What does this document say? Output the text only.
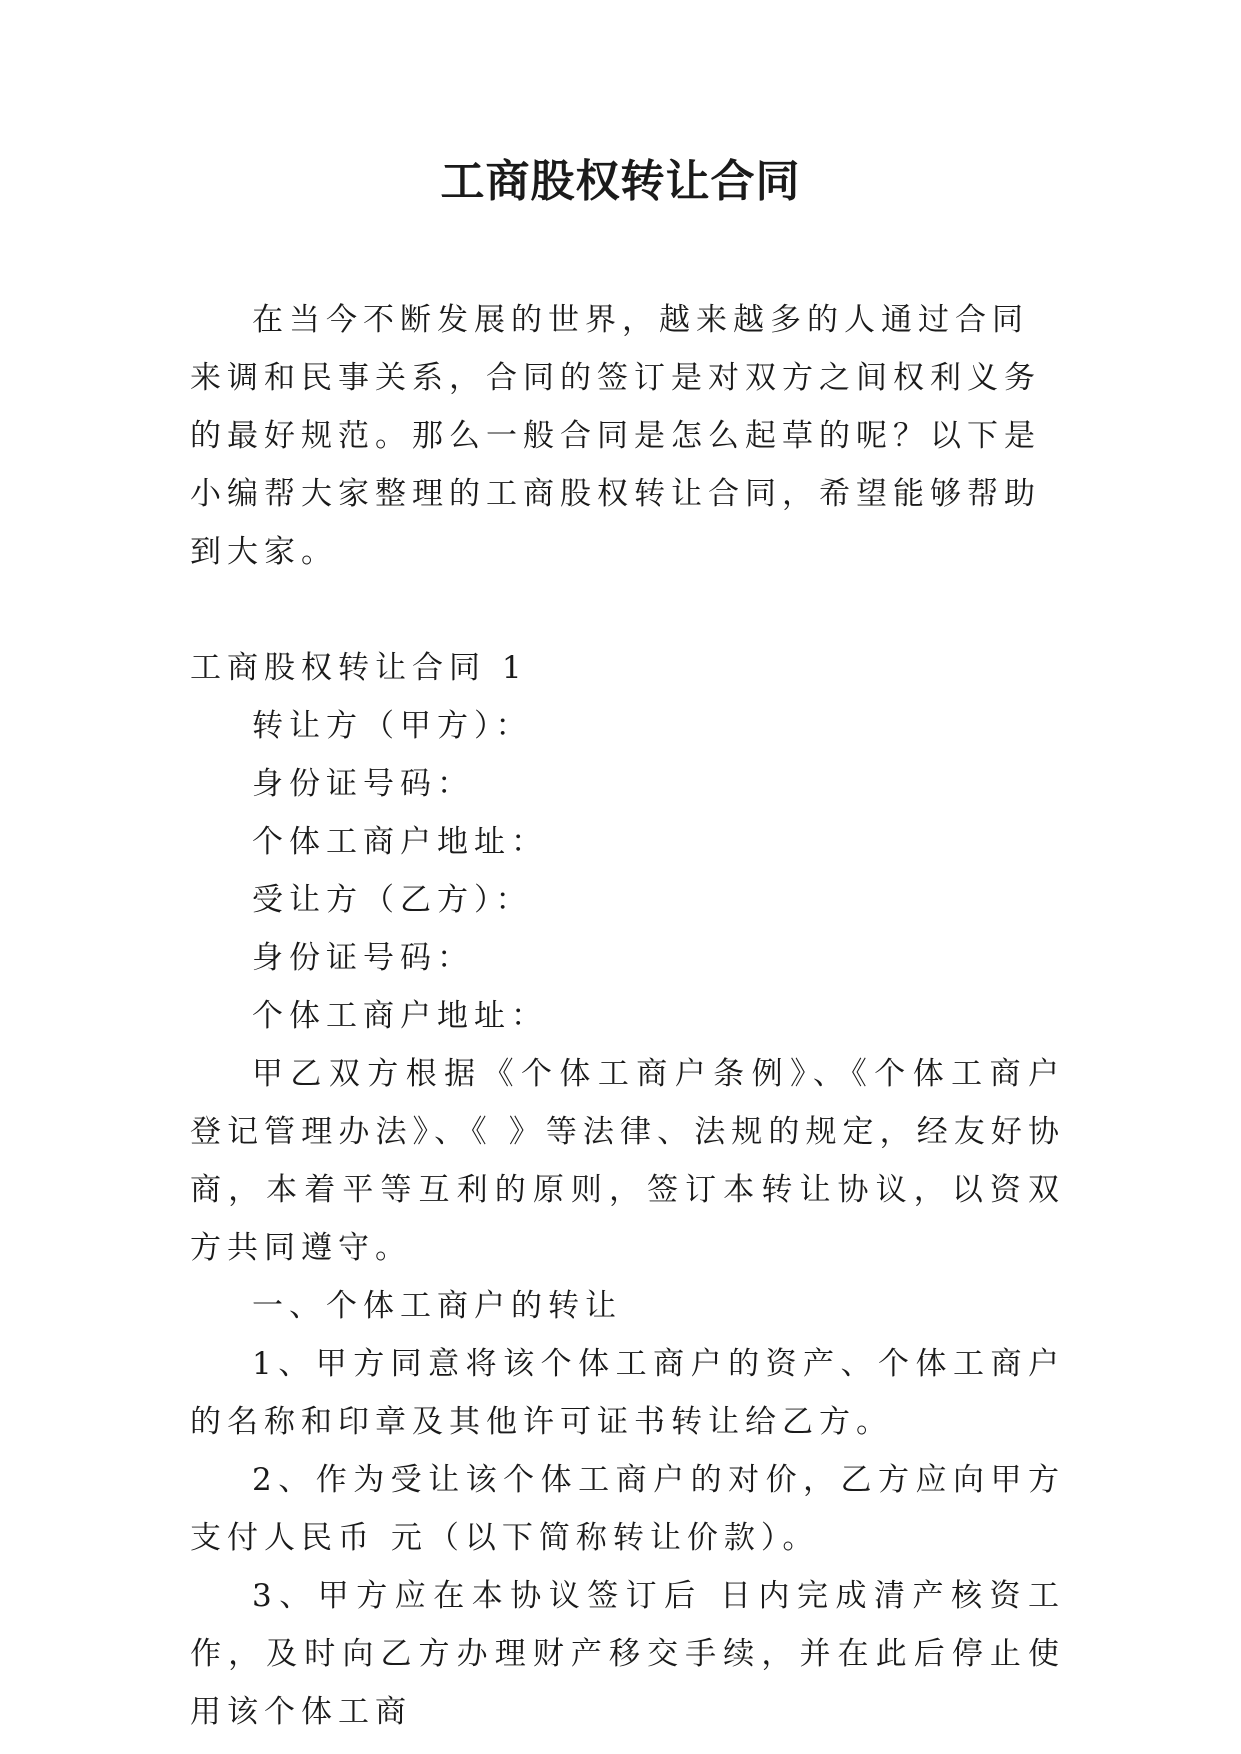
工商股权转让合同

在当今不断发展的世界，越来越多的人通过合同来调和民事关系，合同的签订是对双方之间权利义务的最好规范。那么一般合同是怎么起草的呢？以下是小编帮大家整理的工商股权转让合同，希望能够帮助到大家。

工商股权转让合同 1

转让方（甲方）：

身份证号码：

个体工商户地址：

受让方（乙方）：

身份证号码：

个体工商户地址：

甲乙双方根据《个体工商户条例》、《个体工商户登记管理办法》、《 》等法律、法规的规定，经友好协商，本着平等互利的原则，签订本转让协议，以资双方共同遵守。

一、个体工商户的转让

1、甲方同意将该个体工商户的资产、个体工商户的名称和印章及其他许可证书转让给乙方。

2、作为受让该个体工商户的对价，乙方应向甲方支付人民币 元（以下简称转让价款）。

3、甲方应在本协议签订后 日内完成清产核资工作，及时向乙方办理财产移交手续，并在此后停止使用该个体工商
